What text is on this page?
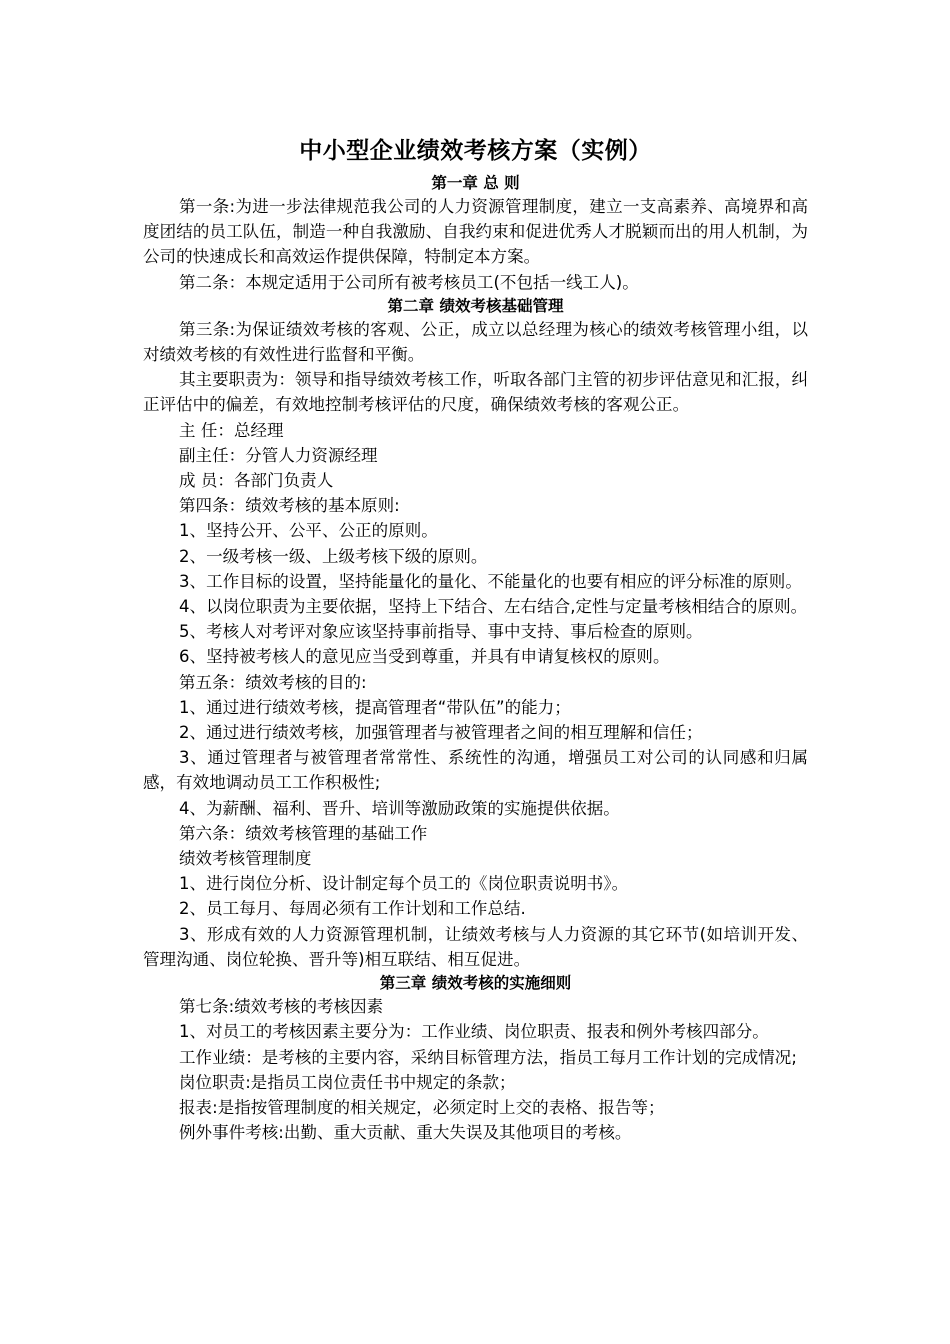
中小型企业绩效考核方案（实例）
第一章 总 则

第一条:为进一步法律规范我公司的人力资源管理制度，建立一支高素养、高境界和高度团结的员工队伍，制造一种自我激励、自我约束和促进优秀人才脱颖而出的用人机制，为公司的快速成长和高效运作提供保障，特制定本方案。

第二条：本规定适用于公司所有被考核员工(不包括一线工人)。

第二章 绩效考核基础管理

第三条:为保证绩效考核的客观、公正，成立以总经理为核心的绩效考核管理小组，以对绩效考核的有效性进行监督和平衡。

其主要职责为：领导和指导绩效考核工作，听取各部门主管的初步评估意见和汇报，纠正评估中的偏差，有效地控制考核评估的尺度，确保绩效考核的客观公正。

主 任：总经理

副主任：分管人力资源经理

成 员：各部门负责人

第四条：绩效考核的基本原则:

1、坚持公开、公平、公正的原则。

2、一级考核一级、上级考核下级的原则。

3、工作目标的设置，坚持能量化的量化、不能量化的也要有相应的评分标准的原则。

4、以岗位职责为主要依据，坚持上下结合、左右结合,定性与定量考核相结合的原则。

5、考核人对考评对象应该坚持事前指导、事中支持、事后检查的原则。

6、坚持被考核人的意见应当受到尊重，并具有申请复核权的原则。

第五条：绩效考核的目的:

1、通过进行绩效考核，提高管理者“带队伍”的能力；

2、通过进行绩效考核，加强管理者与被管理者之间的相互理解和信任；

3、通过管理者与被管理者常常性、系统性的沟通，增强员工对公司的认同感和归属感，有效地调动员工工作积极性;

4、为薪酬、福利、晋升、培训等激励政策的实施提供依据。

第六条：绩效考核管理的基础工作

绩效考核管理制度

1、进行岗位分析、设计制定每个员工的《岗位职责说明书》。

2、员工每月、每周必须有工作计划和工作总结.

3、形成有效的人力资源管理机制，让绩效考核与人力资源的其它环节(如培训开发、管理沟通、岗位轮换、晋升等)相互联结、相互促进。

第三章 绩效考核的实施细则

第七条:绩效考核的考核因素

1、对员工的考核因素主要分为：工作业绩、岗位职责、报表和例外考核四部分。

工作业绩：是考核的主要内容，采纳目标管理方法，指员工每月工作计划的完成情况;

岗位职责:是指员工岗位责任书中规定的条款；

报表:是指按管理制度的相关规定，必须定时上交的表格、报告等；

例外事件考核:出勤、重大贡献、重大失误及其他项目的考核。
